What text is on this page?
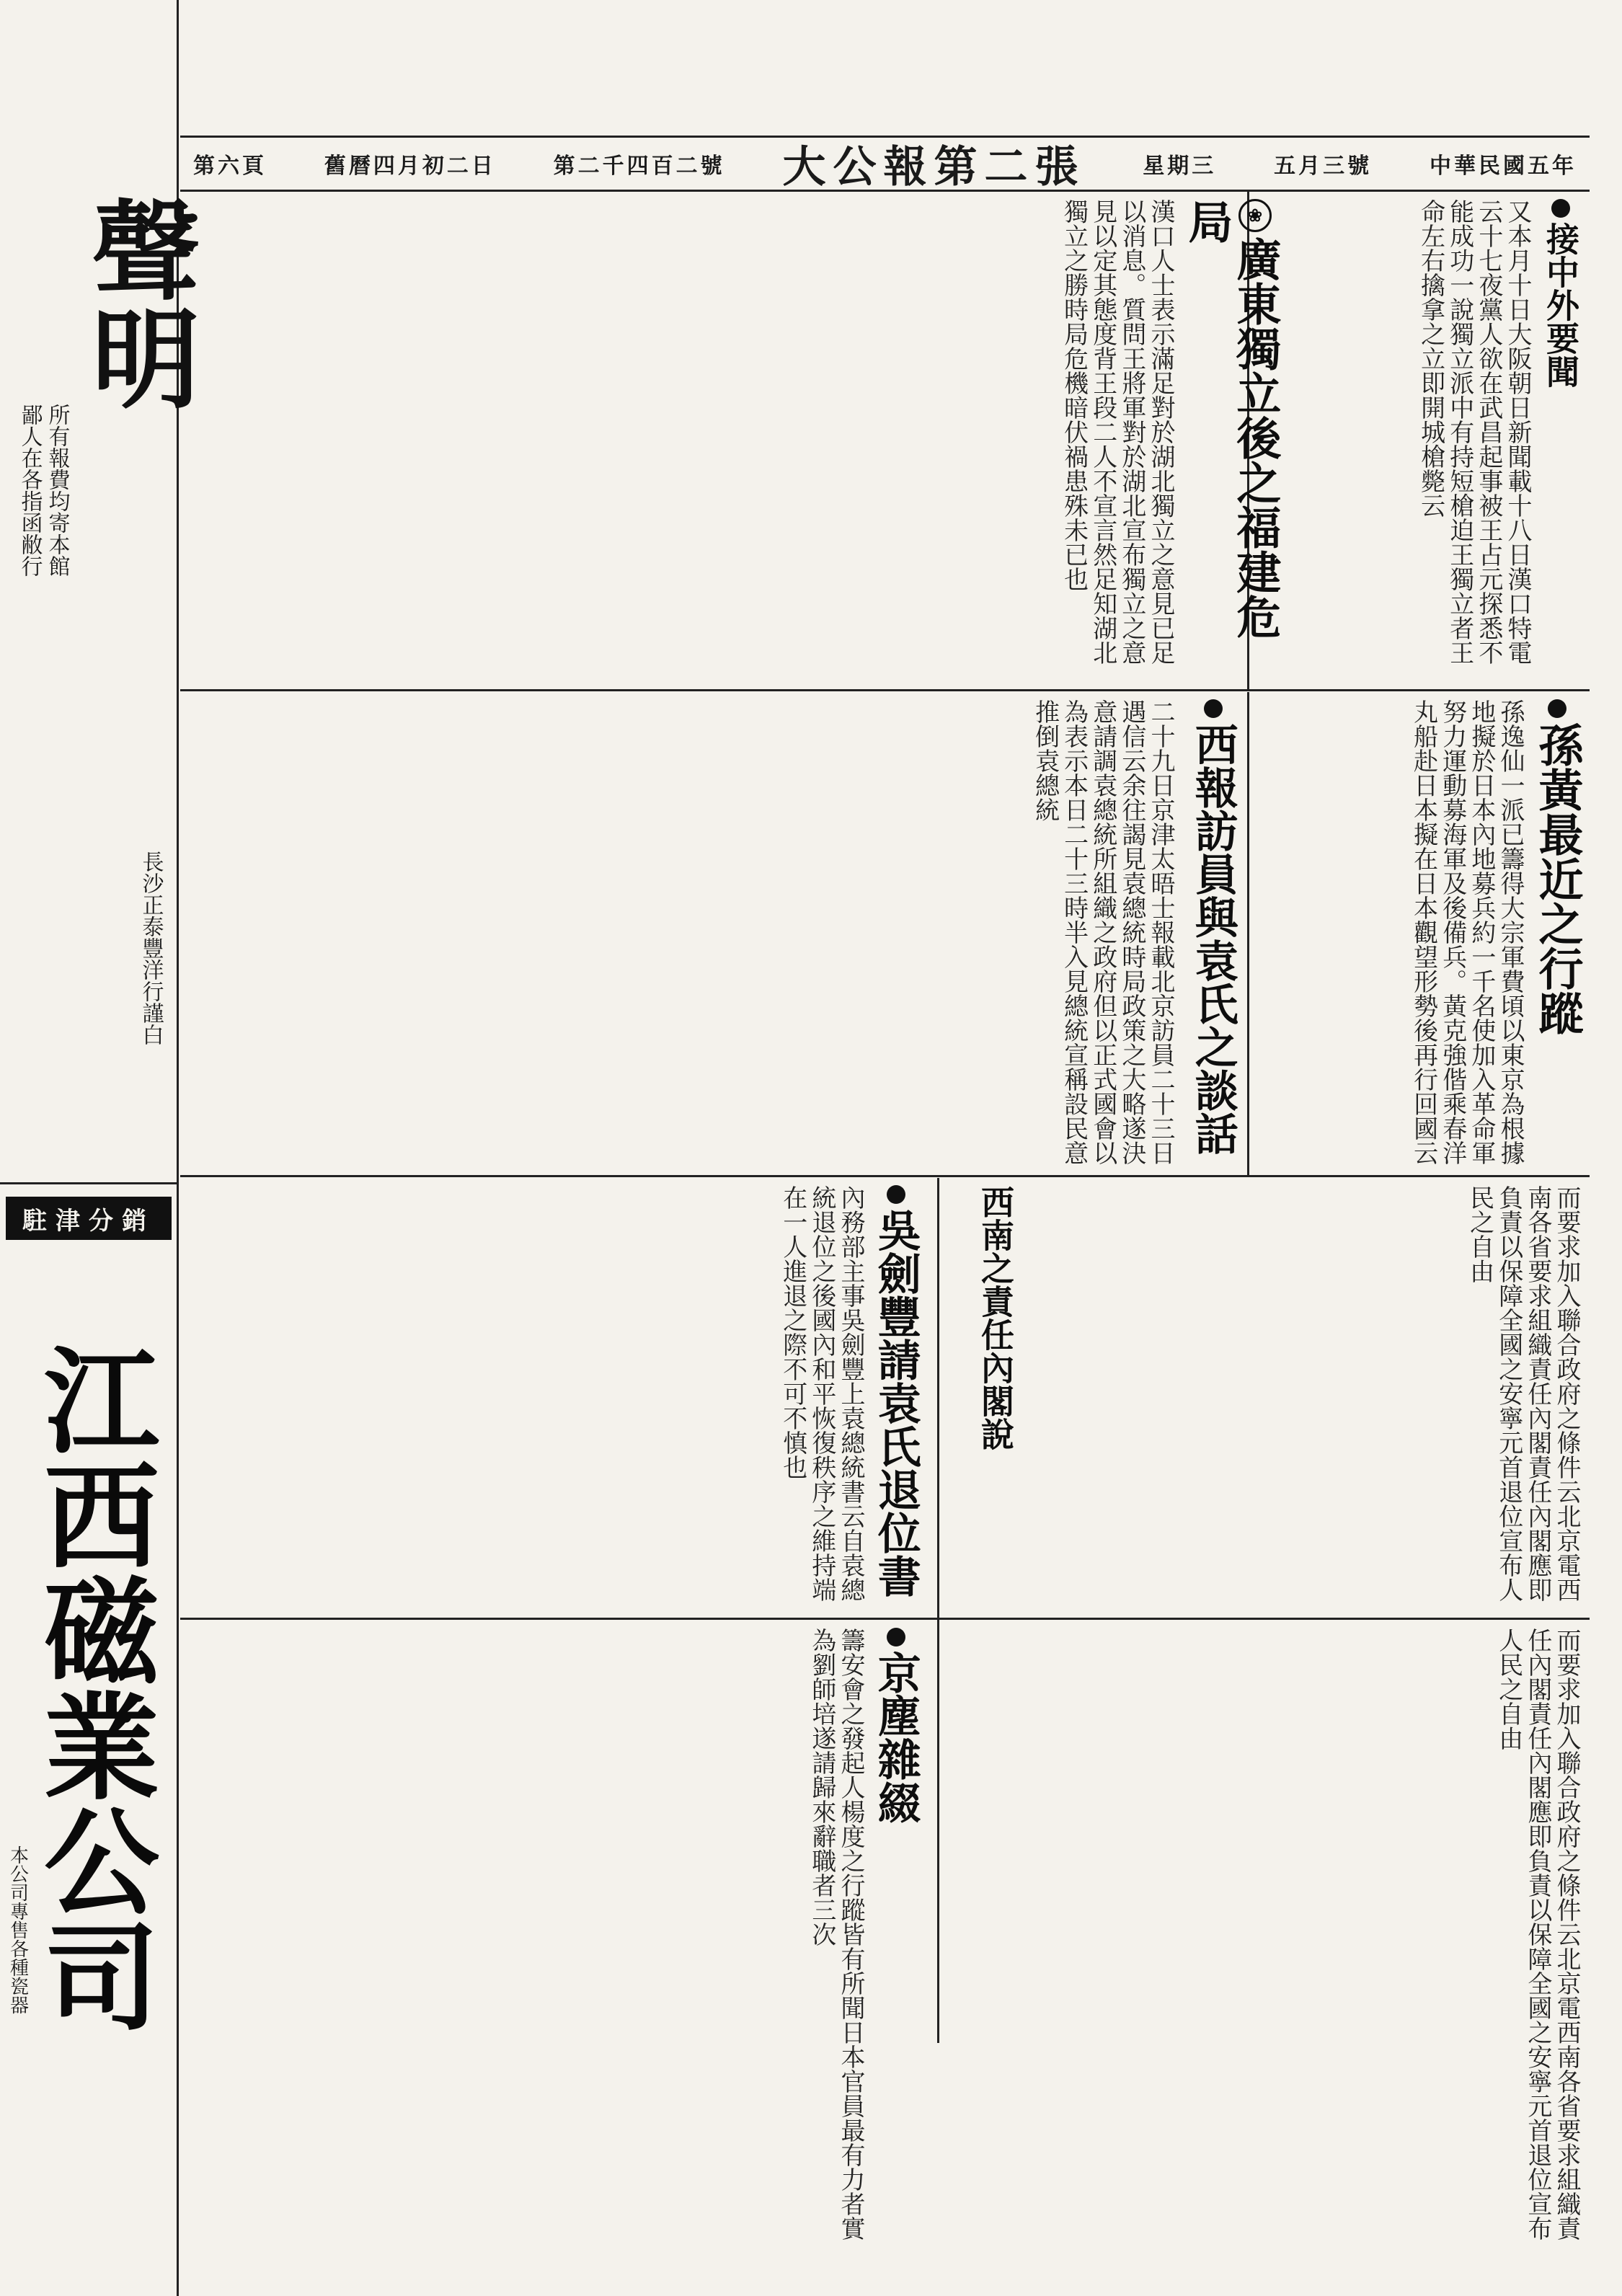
聲明
所有報費均寄本館
鄙人在各指函敝行
長沙正泰豐洋行謹白
駐津分銷
江西磁業公司
本公司專售各種瓷器
第六頁	舊曆四月初二日	第二千四百二號 大公報第二張	星期三	五月三號	中華民國五年
接中外要聞
又本月十日大阪朝日新聞載十八日漢口特電云十七夜黨人欲在武昌起事被王占元探悉不能成功一說獨立派中有持短槍迫王獨立者王命左右擒拿之立即開城槍斃云
❀廣東獨立後之福建危局
漢口人士表示滿足對於湖北獨立之意見已足以消息。質問王將軍對於湖北宣布獨立之意見以定其態度背王段二人不宣言然足知湖北獨立之勝時局危機暗伏禍患殊未已也
孫黃最近之行蹤
孫逸仙一派已籌得大宗軍費頃以東京為根據地擬於日本內地募兵約一千名使加入革命軍努力運動募海軍及後備兵。黃克強偕乘春洋丸船赴日本擬在日本觀望形勢後再行回國云
西報訪員與袁氏之談話
二十九日京津太晤士報載北京訪員二十三日遇信云余往謁見袁總統時局政策之大略遂決意請調袁總統所組織之政府但以正式國會以為表示本日二十三時半入見總統宣稱設民意推倒袁總統
而要求加入聯合政府之條件云北京電西南各省要求組織責任內閣責任內閣應即負責以保障全國之安寧元首退位宣布人民之自由
西南之責任內閣說
吳劍豐請袁氏退位書
內務部主事吳劍豐上袁總統書云自袁總統退位之後國內和平恢復秩序之維持端在一人進退之際不可不慎也
而要求加入聯合政府之條件云北京電西南各省要求組織責任內閣責任內閣應即負責以保障全國之安寧元首退位宣布人民之自由
京塵雜綴
籌安會之發起人楊度之行蹤皆有所聞日本官員最有力者實為劉師培遂請歸來辭職者三次
